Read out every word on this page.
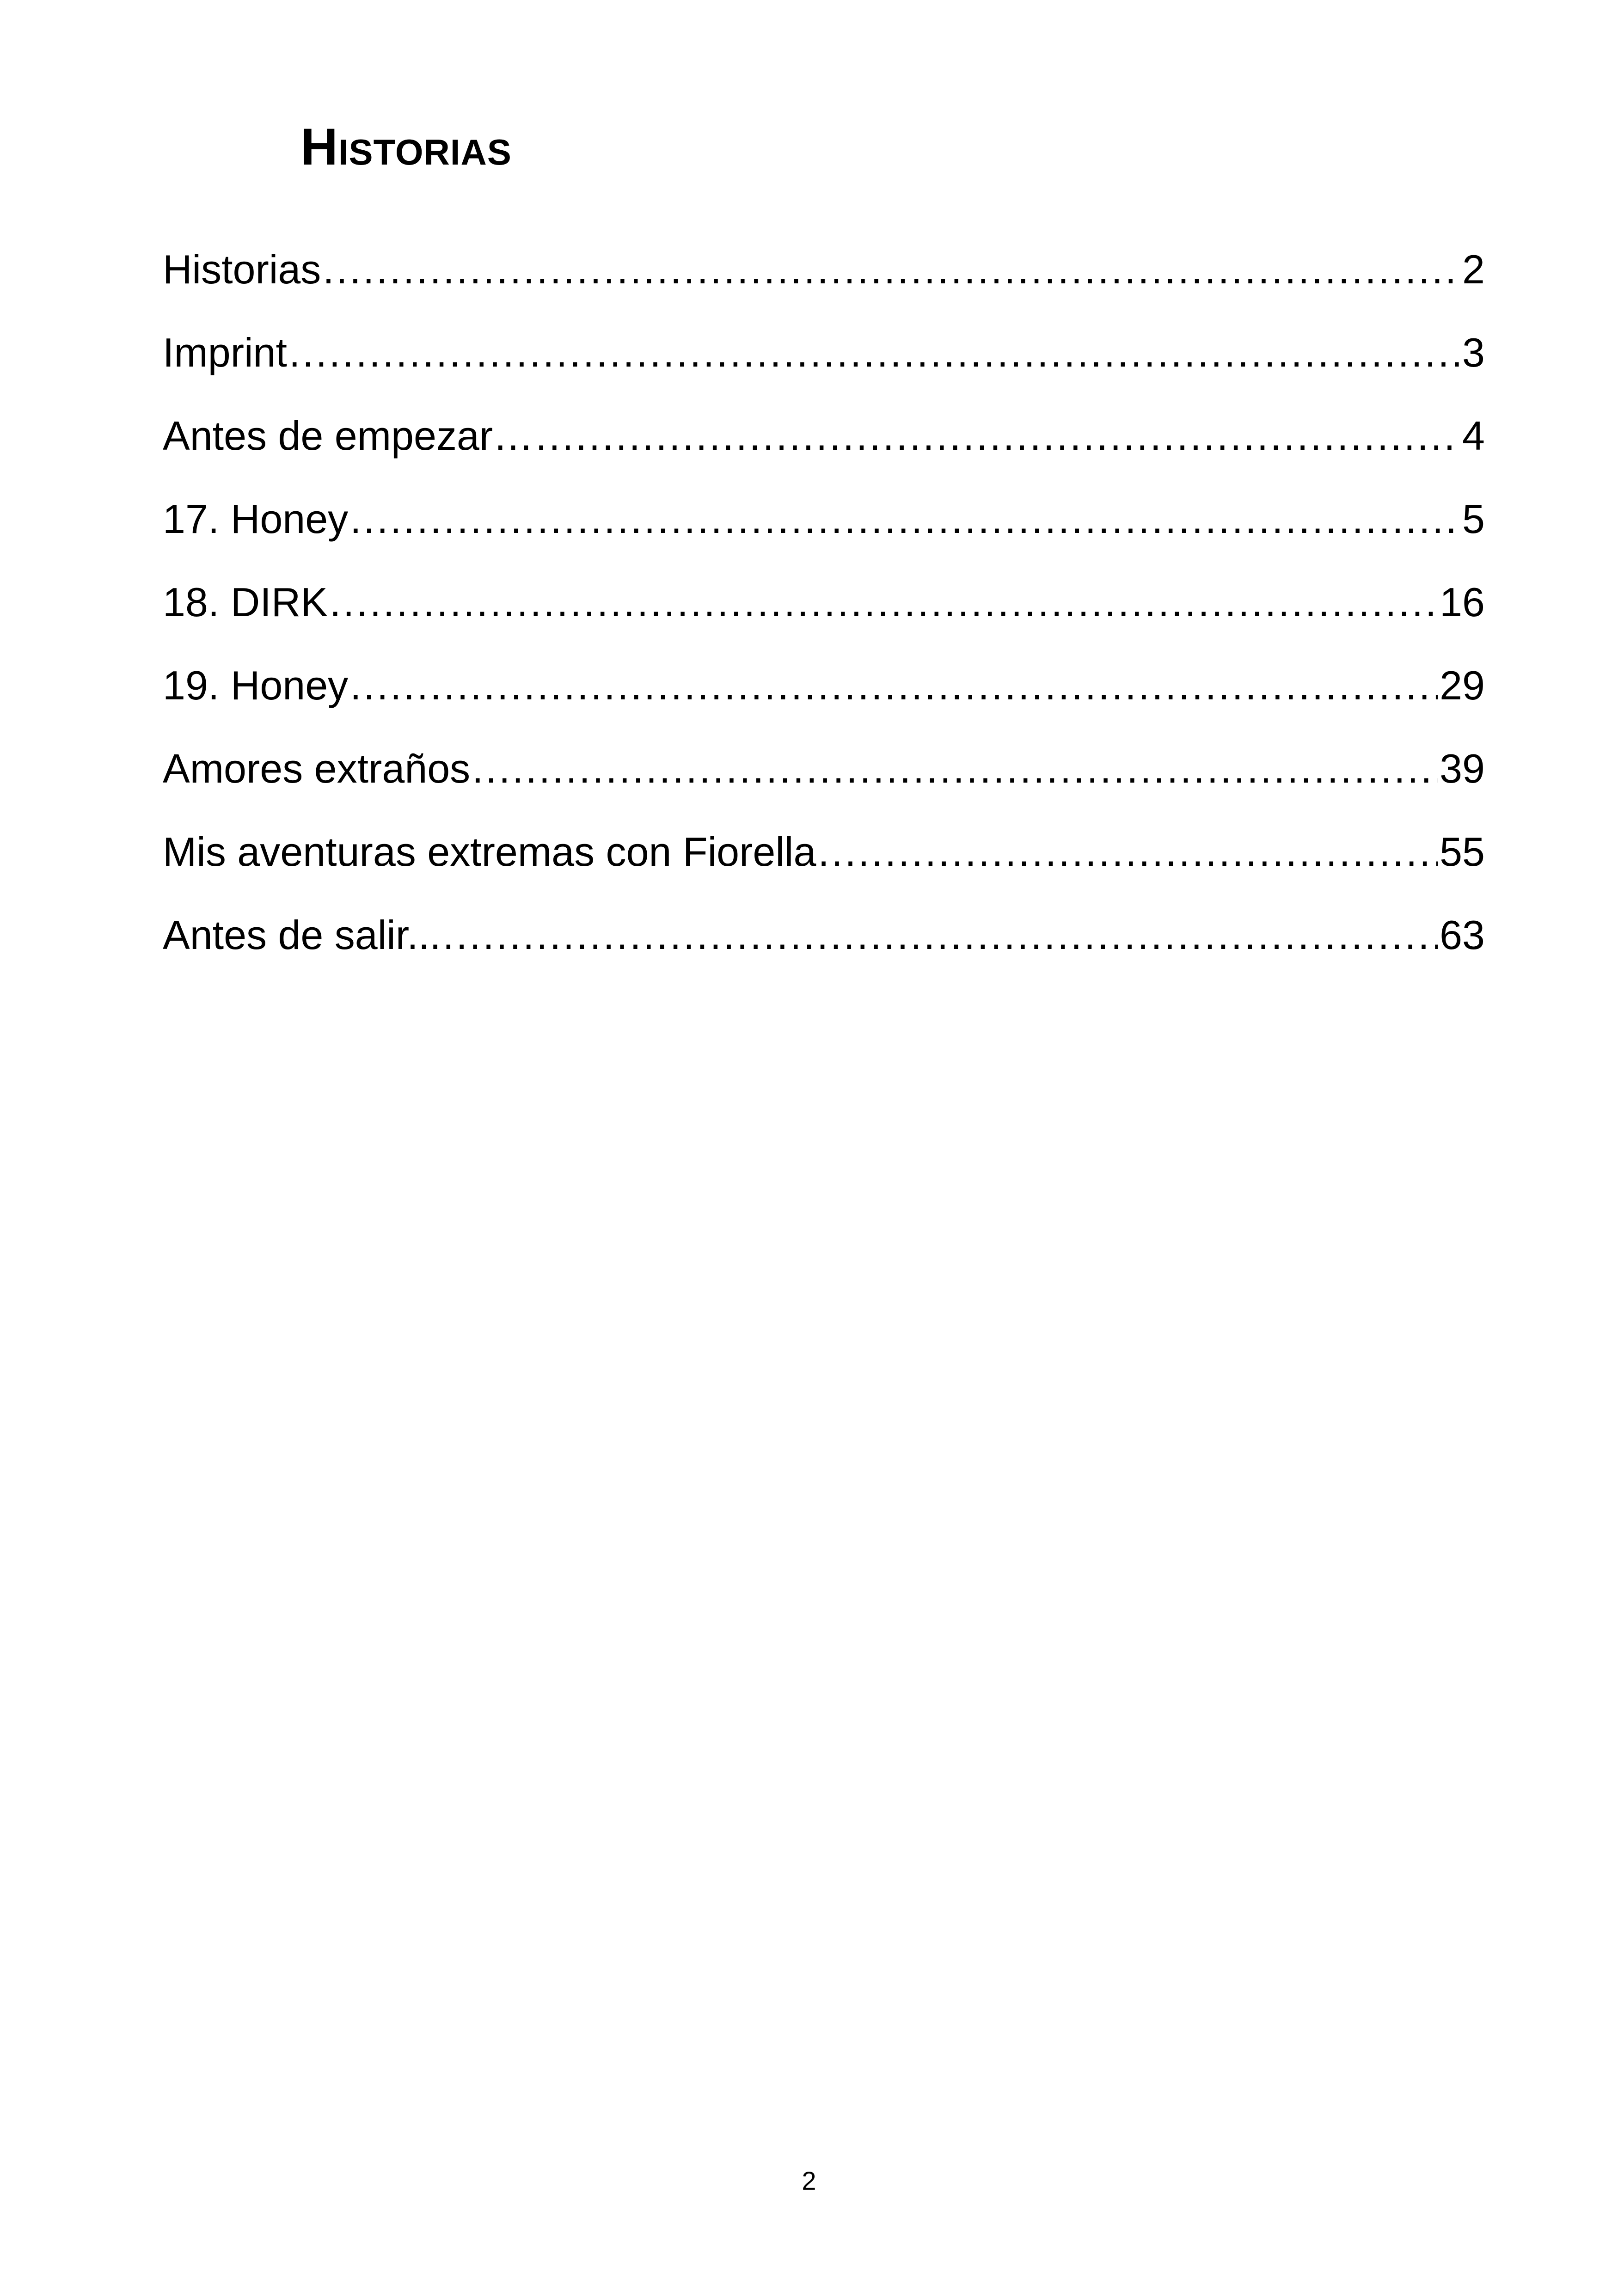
Historias
Historias . . .	2
Imprint . . .	3
Antes de empezar… . . .	4
17. Honey . . .	5
18. DIRK . . .	16
19. Honey . . .	29
Amores extraños . . .	39
Mis aventuras extremas con Fiorella . . .	55
Antes de salir... . . .	63
2
